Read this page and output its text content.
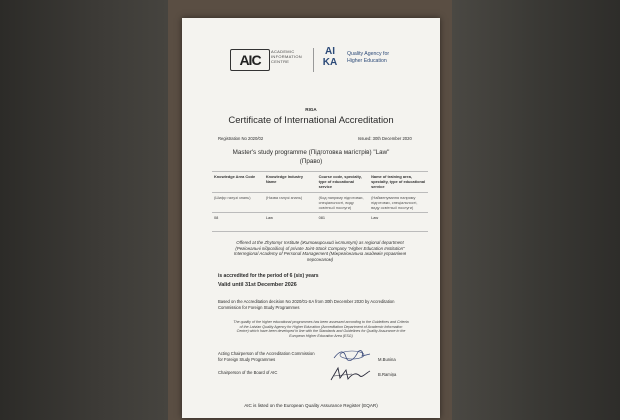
AIC
ACADEMIC
INFORMATION
CENTRE
AI
KA
Quality Agency for
Higher Education
RIGA
Certificate of International Accreditation
Registration No 2020/02	Issued: 30th December 2020
Master's study programme (Підготовка магістрів) "Law"
(Право)
Knowledge Area Code	Knowledge Industry Name	Course code, specialty, type of educational service	Name of training area, specialty, type of educational service
(Шифр галузі знань)	(Назва галузі знань)	(Код напряму підготовки, спеціальності, виду освітньої послуги)	(Найменування напряму підготовки, спеціальності, виду освітньої послуги)
08	Law	081	Law
Offered at the Zhytomyr Institute (Житомирський інститут) as regional department
(Регіональні підрозділи) of private Joint-Stock Company "Higher Education Institution"
Interregional Academy of Personal Management (Міжрегіональна академія управління
персоналом)
is accredited for the period of 6 (six) years
Valid until 31st December 2026
Based on the Accreditation decision No 2020/01-SA from 30th December 2020 by Accreditation
Commission for Foreign Study Programmes
The quality of the higher educational programmes has been assessed according to the Guidelines and Criteria
of the Latvian Quality Agency for Higher Education (Accreditation Department of Academic Information
Centre) which have been developed in line with the Standards and Guidelines for Quality Assurance in the
European Higher Education Area (ESG)
Acting Chairperson of the Accreditation Commission
for Foreign Study Programmes	M.Bunina
Chairperson of the Board of AIC	B.Ramiņa
AIC is listed on the European Quality Assurance Register (EQAR)
